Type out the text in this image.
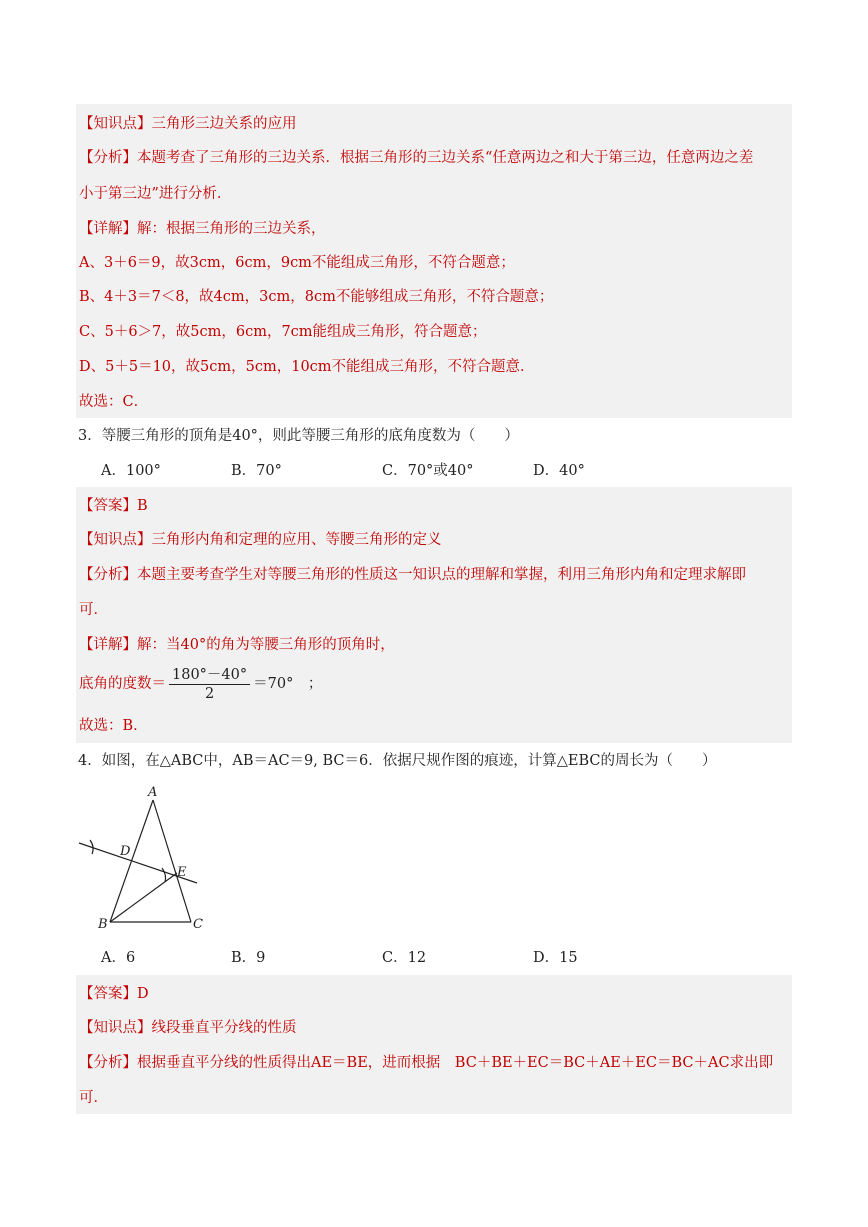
【知识点】三角形三边关系的应用
【分析】本题考查了三角形的三边关系．根据三角形的三边关系“任意两边之和大于第三边，任意两边之差
小于第三边”进行分析．
【详解】解：根据三角形的三边关系，
A、3＋6＝9，故3cm，6cm，9cm不能组成三角形，不符合题意；
B、4＋3＝7＜8，故4cm，3cm，8cm不能够组成三角形，不符合题意；
C、5＋6＞7，故5cm，6cm，7cm能组成三角形，符合题意；
D、5＋5＝10，故5cm，5cm，10cm不能组成三角形，不符合题意．
故选：C．
3．等腰三角形的顶角是40°，则此等腰三角形的底角度数为（　　）
A．100°	B．70°	C．70°或40°	D．40°
【答案】B
【知识点】三角形内角和定理的应用、等腰三角形的定义
【分析】本题主要考查学生对等腰三角形的性质这一知识点的理解和掌握，利用三角形内角和定理求解即
可．
【详解】解：当40°的角为等腰三角形的顶角时，
底角的度数＝ $\frac{180^\circ-40^\circ}{2} =70^\circ$　；
故选：B．
4．如图，在△ABC中，AB＝AC＝9, BC＝6．依据尺规作图的痕迹，计算△EBC的周长为（　　）
A
D
E
B	C
A．6	B．9	C．12	D．15
【答案】D
【知识点】线段垂直平分线的性质
【分析】根据垂直平分线的性质得出AE＝BE，进而根据　BC＋BE＋EC＝BC＋AE＋EC＝BC＋AC求出即
可．
